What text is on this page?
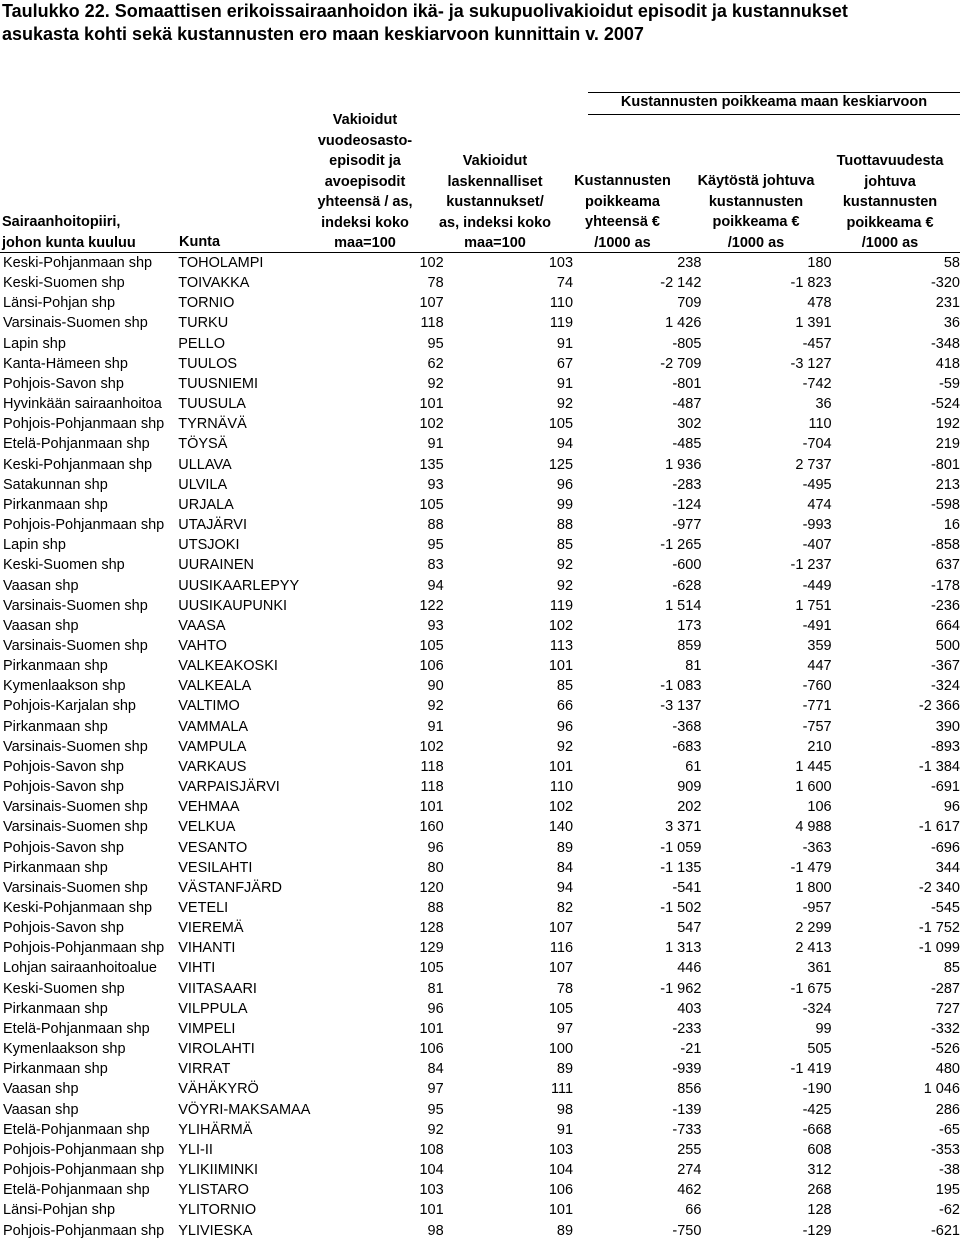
Taulukko 22. Somaattisen erikoissairaanhoidon ikä- ja sukupuolivakioidut episodit ja kustannukset
asukasta kohti sekä kustannusten ero maan keskiarvoon kunnittain v. 2007
Kustannusten poikkeama maan keskiarvoon
Sairaanhoitopiiri,
johon kunta kuuluu	Kunta
Vakioidut
vuodeosasto-
episodit ja
avoepisodit
yhteensä / as,
indeksi koko
maa=100
Vakioidut
laskennalliset
kustannukset/
as, indeksi koko
maa=100
Kustannusten
poikkeama
yhteensä €
/1000 as
Käytöstä johtuva
kustannusten
poikkeama €
/1000 as
Tuottavuudesta
johtuva
kustannusten
poikkeama €
/1000 as
Keski-Pohjanmaan shp	TOHOLAMPI	102	103	238	180	58
Keski-Suomen shp	TOIVAKKA	78	74	-2 142	-1 823	-320
Länsi-Pohjan shp	TORNIO	107	110	709	478	231
Varsinais-Suomen shp	TURKU	118	119	1 426	1 391	36
Lapin shp	PELLO	95	91	-805	-457	-348
Kanta-Hämeen shp	TUULOS	62	67	-2 709	-3 127	418
Pohjois-Savon shp	TUUSNIEMI	92	91	-801	-742	-59
Hyvinkään sairaanhoitoa	TUUSULA	101	92	-487	36	-524
Pohjois-Pohjanmaan shp	TYRNÄVÄ	102	105	302	110	192
Etelä-Pohjanmaan shp	TÖYSÄ	91	94	-485	-704	219
Keski-Pohjanmaan shp	ULLAVA	135	125	1 936	2 737	-801
Satakunnan shp	ULVILA	93	96	-283	-495	213
Pirkanmaan shp	URJALA	105	99	-124	474	-598
Pohjois-Pohjanmaan shp	UTAJÄRVI	88	88	-977	-993	16
Lapin shp	UTSJOKI	95	85	-1 265	-407	-858
Keski-Suomen shp	UURAINEN	83	92	-600	-1 237	637
Vaasan shp	UUSIKAARLEPYY	94	92	-628	-449	-178
Varsinais-Suomen shp	UUSIKAUPUNKI	122	119	1 514	1 751	-236
Vaasan shp	VAASA	93	102	173	-491	664
Varsinais-Suomen shp	VAHTO	105	113	859	359	500
Pirkanmaan shp	VALKEAKOSKI	106	101	81	447	-367
Kymenlaakson shp	VALKEALA	90	85	-1 083	-760	-324
Pohjois-Karjalan shp	VALTIMO	92	66	-3 137	-771	-2 366
Pirkanmaan shp	VAMMALA	91	96	-368	-757	390
Varsinais-Suomen shp	VAMPULA	102	92	-683	210	-893
Pohjois-Savon shp	VARKAUS	118	101	61	1 445	-1 384
Pohjois-Savon shp	VARPAISJÄRVI	118	110	909	1 600	-691
Varsinais-Suomen shp	VEHMAA	101	102	202	106	96
Varsinais-Suomen shp	VELKUA	160	140	3 371	4 988	-1 617
Pohjois-Savon shp	VESANTO	96	89	-1 059	-363	-696
Pirkanmaan shp	VESILAHTI	80	84	-1 135	-1 479	344
Varsinais-Suomen shp	VÄSTANFJÄRD	120	94	-541	1 800	-2 340
Keski-Pohjanmaan shp	VETELI	88	82	-1 502	-957	-545
Pohjois-Savon shp	VIEREMÄ	128	107	547	2 299	-1 752
Pohjois-Pohjanmaan shp	VIHANTI	129	116	1 313	2 413	-1 099
Lohjan sairaanhoitoalue	VIHTI	105	107	446	361	85
Keski-Suomen shp	VIITASAARI	81	78	-1 962	-1 675	-287
Pirkanmaan shp	VILPPULA	96	105	403	-324	727
Etelä-Pohjanmaan shp	VIMPELI	101	97	-233	99	-332
Kymenlaakson shp	VIROLAHTI	106	100	-21	505	-526
Pirkanmaan shp	VIRRAT	84	89	-939	-1 419	480
Vaasan shp	VÄHÄKYRÖ	97	111	856	-190	1 046
Vaasan shp	VÖYRI-MAKSAMAA	95	98	-139	-425	286
Etelä-Pohjanmaan shp	YLIHÄRMÄ	92	91	-733	-668	-65
Pohjois-Pohjanmaan shp	YLI-II	108	103	255	608	-353
Pohjois-Pohjanmaan shp	YLIKIIMINKI	104	104	274	312	-38
Etelä-Pohjanmaan shp	YLISTARO	103	106	462	268	195
Länsi-Pohjan shp	YLITORNIO	101	101	66	128	-62
Pohjois-Pohjanmaan shp	YLIVIESKA	98	89	-750	-129	-621
